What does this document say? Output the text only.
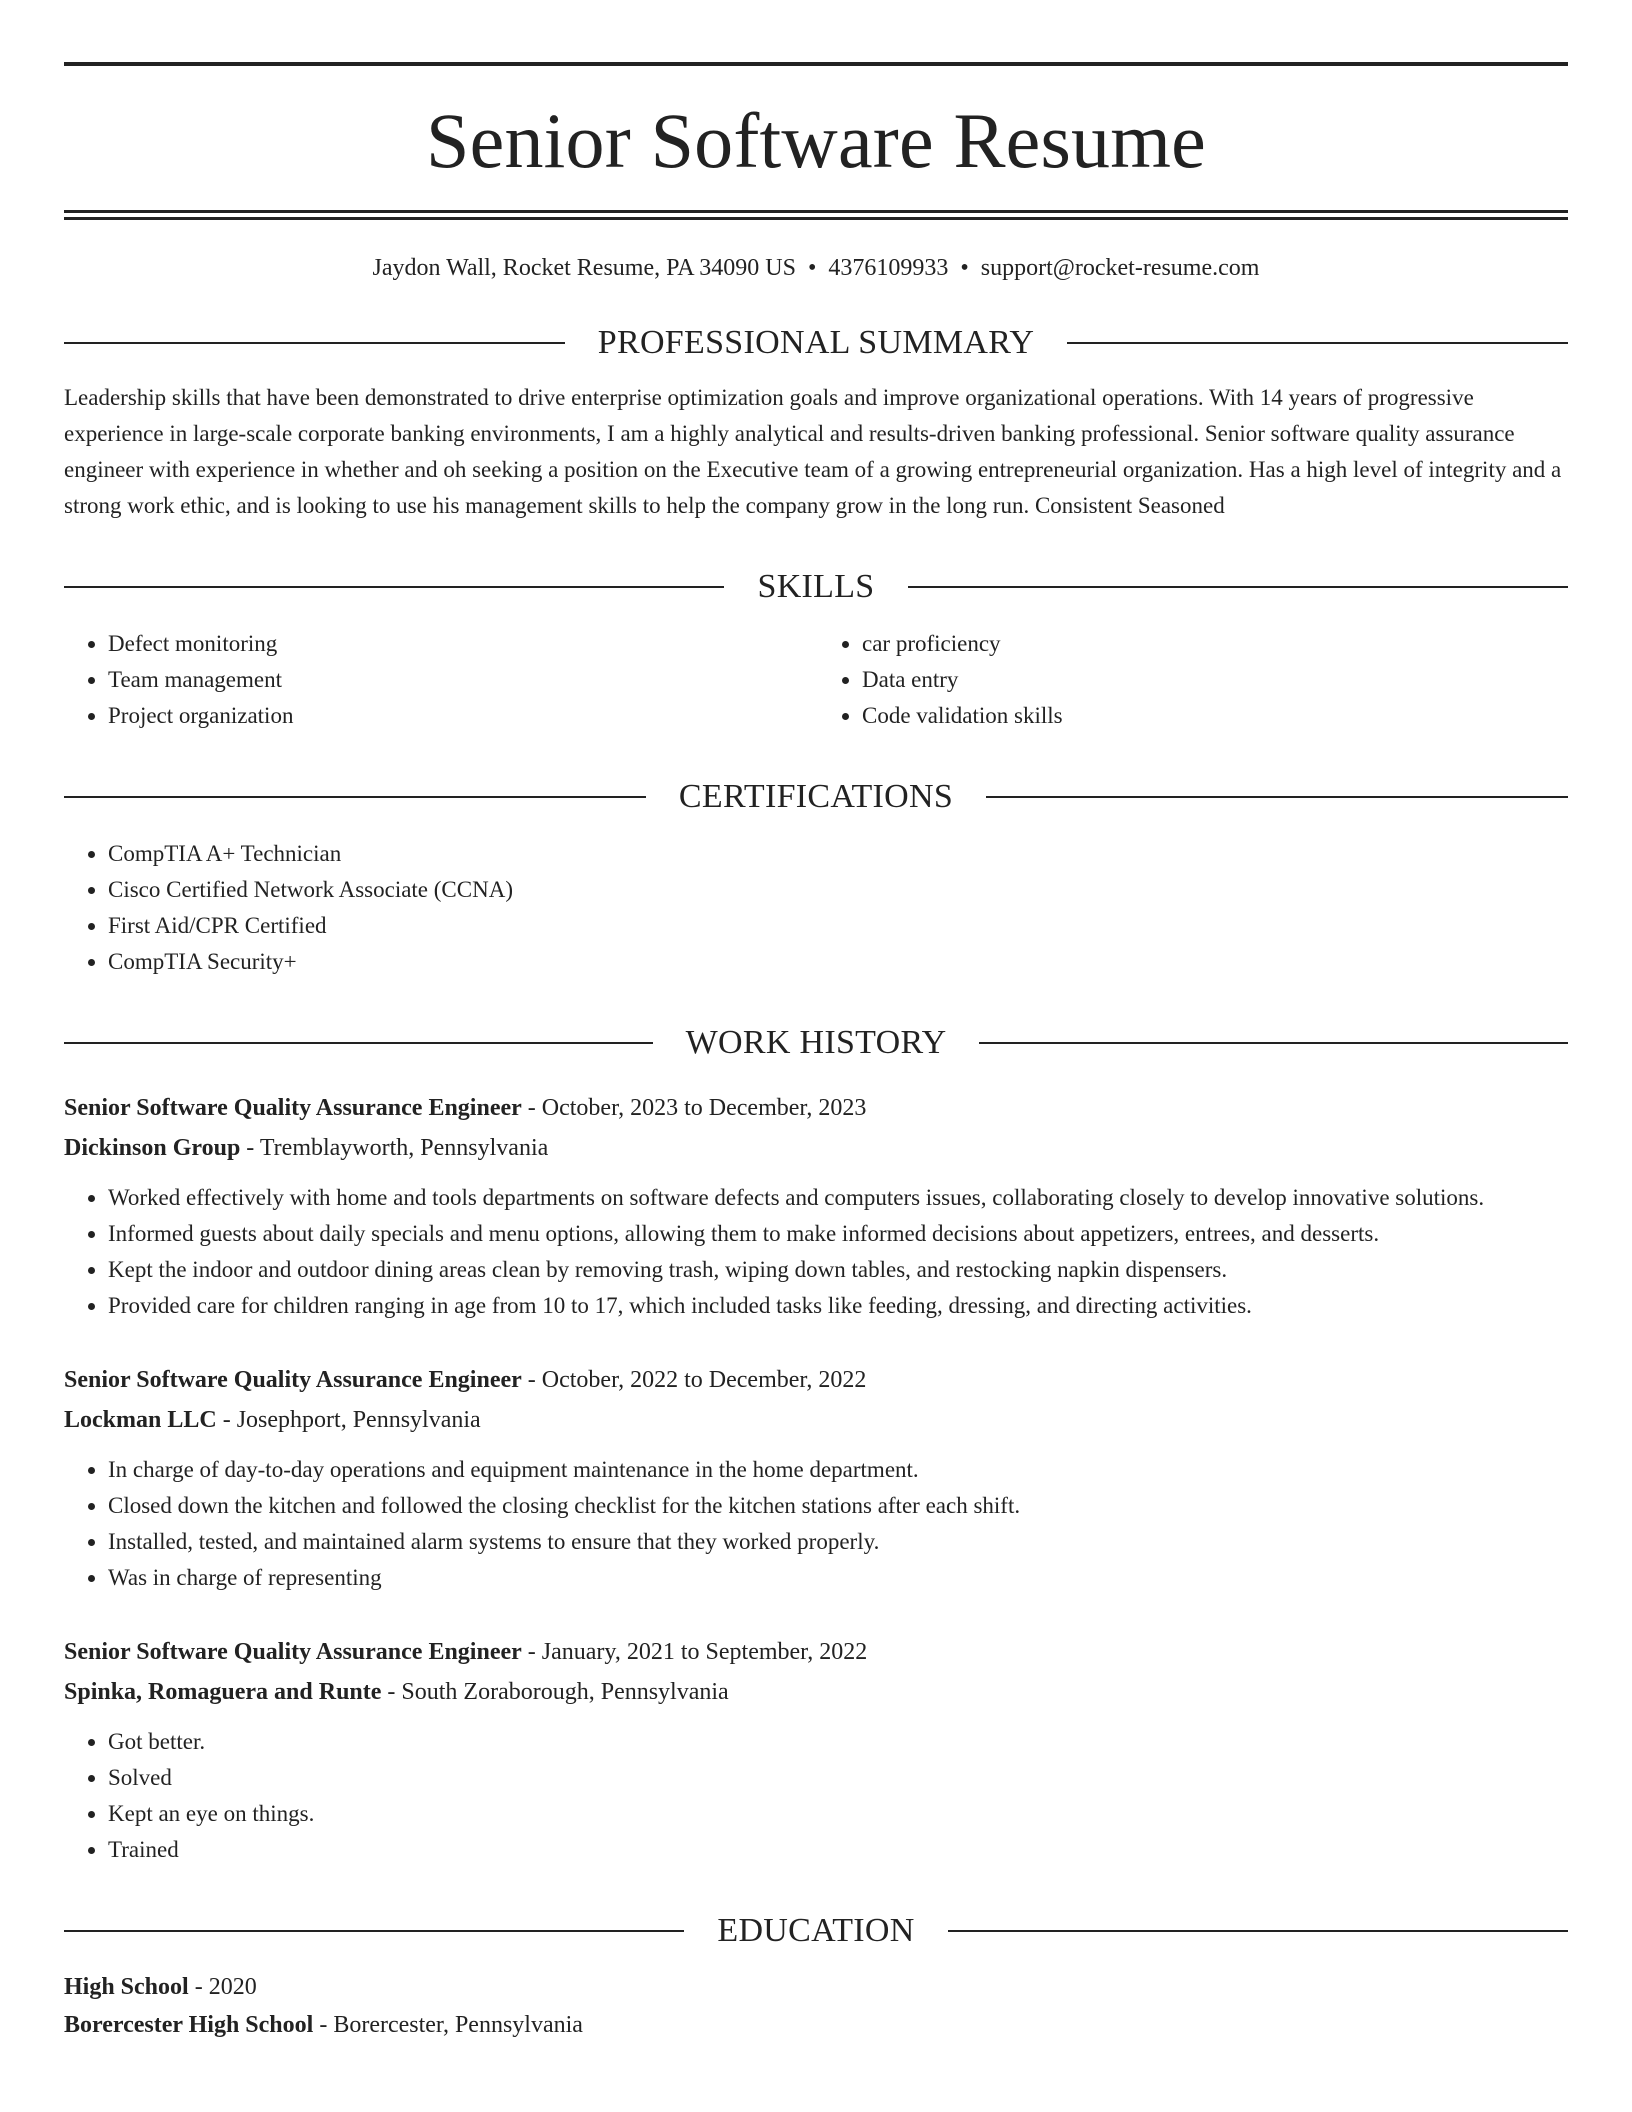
Senior Software Resume
Jaydon Wall, Rocket Resume, PA 34090 US • 4376109933 • support@rocket-resume.com
PROFESSIONAL SUMMARY
Leadership skills that have been demonstrated to drive enterprise optimization goals and improve organizational operations. With 14 years of progressive experience in large-scale corporate banking environments, I am a highly analytical and results-driven banking professional. Senior software quality assurance engineer with experience in whether and oh seeking a position on the Executive team of a growing entrepreneurial organization. Has a high level of integrity and a strong work ethic, and is looking to use his management skills to help the company grow in the long run. Consistent Seasoned
SKILLS
• Defect monitoring
• Team management
• Project organization
• car proficiency
• Data entry
• Code validation skills
CERTIFICATIONS
• CompTIA A+ Technician
• Cisco Certified Network Associate (CCNA)
• First Aid/CPR Certified
• CompTIA Security+
WORK HISTORY
Senior Software Quality Assurance Engineer - October, 2023 to December, 2023
Dickinson Group - Tremblayworth, Pennsylvania
• Worked effectively with home and tools departments on software defects and computers issues, collaborating closely to develop innovative solutions.
• Informed guests about daily specials and menu options, allowing them to make informed decisions about appetizers, entrees, and desserts.
• Kept the indoor and outdoor dining areas clean by removing trash, wiping down tables, and restocking napkin dispensers.
• Provided care for children ranging in age from 10 to 17, which included tasks like feeding, dressing, and directing activities.
Senior Software Quality Assurance Engineer - October, 2022 to December, 2022
Lockman LLC - Josephport, Pennsylvania
• In charge of day-to-day operations and equipment maintenance in the home department.
• Closed down the kitchen and followed the closing checklist for the kitchen stations after each shift.
• Installed, tested, and maintained alarm systems to ensure that they worked properly.
• Was in charge of representing
Senior Software Quality Assurance Engineer - January, 2021 to September, 2022
Spinka, Romaguera and Runte - South Zoraborough, Pennsylvania
• Got better.
• Solved
• Kept an eye on things.
• Trained
EDUCATION
High School - 2020
Borercester High School - Borercester, Pennsylvania
